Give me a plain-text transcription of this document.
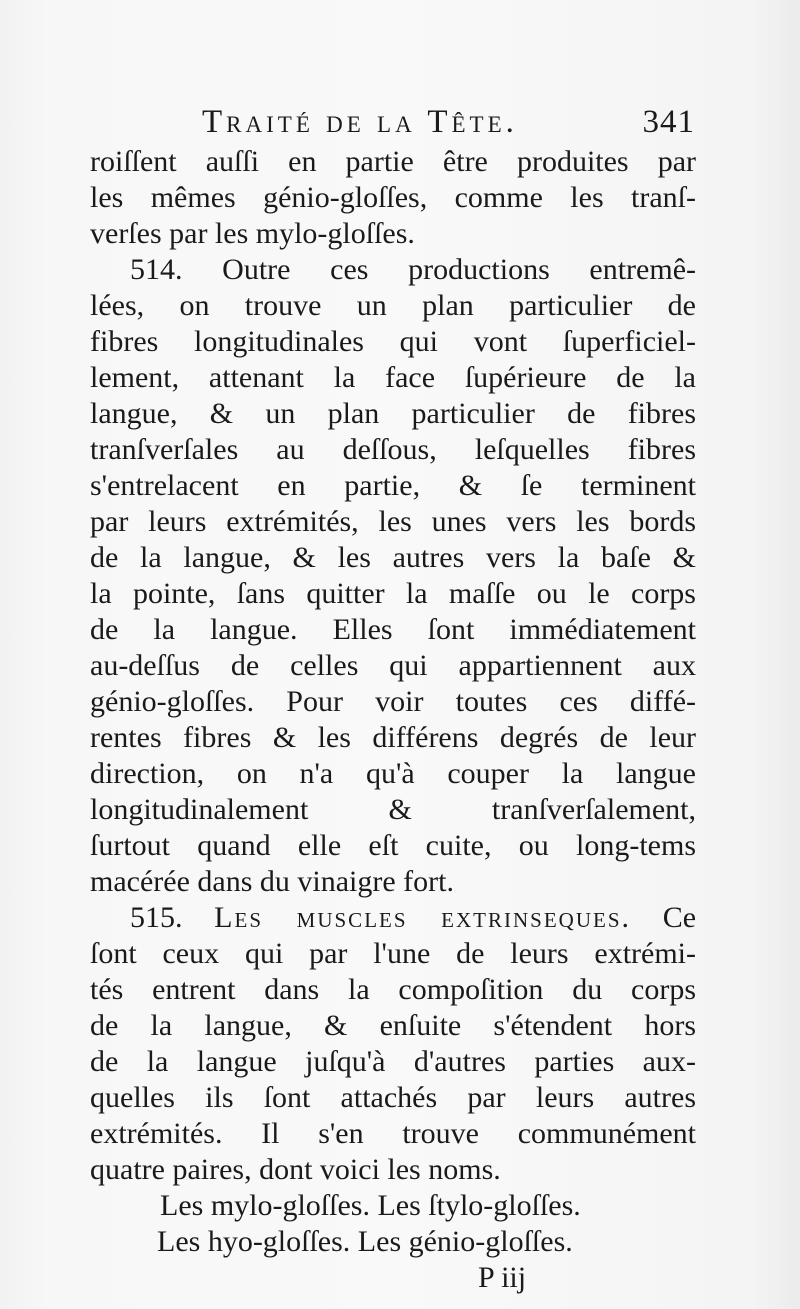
Traité de la Tête.	341
roiſſent auſſi en partie être produites par
les mêmes génio-gloſſes, comme les tranſ-
verſes par les mylo-gloſſes.
514. Outre ces productions entremê-
lées, on trouve un plan particulier de
fibres longitudinales qui vont ſuperficiel-
lement, attenant la face ſupérieure de la
langue, & un plan particulier de fibres
tranſverſales au deſſous, leſquelles fibres
s'entrelacent en partie, & ſe terminent
par leurs extrémités, les unes vers les bords
de la langue, & les autres vers la baſe &
la pointe, ſans quitter la maſſe ou le corps
de la langue. Elles ſont immédiatement
au-deſſus de celles qui appartiennent aux
génio-gloſſes. Pour voir toutes ces diffé-
rentes fibres & les différens degrés de leur
direction, on n'a qu'à couper la langue
longitudinalement & tranſverſalement,
ſurtout quand elle eſt cuite, ou long-tems
macérée dans du vinaigre fort.
515. Les muscles extrinseques. Ce
ſont ceux qui par l'une de leurs extrémi-
tés entrent dans la compoſition du corps
de la langue, & enſuite s'étendent hors
de la langue juſqu'à d'autres parties aux-
quelles ils ſont attachés par leurs autres
extrémités. Il s'en trouve communément
quatre paires, dont voici les noms.
Les mylo-gloſſes. Les ſtylo-gloſſes.
Les hyo-gloſſes. Les génio-gloſſes.
P iij
